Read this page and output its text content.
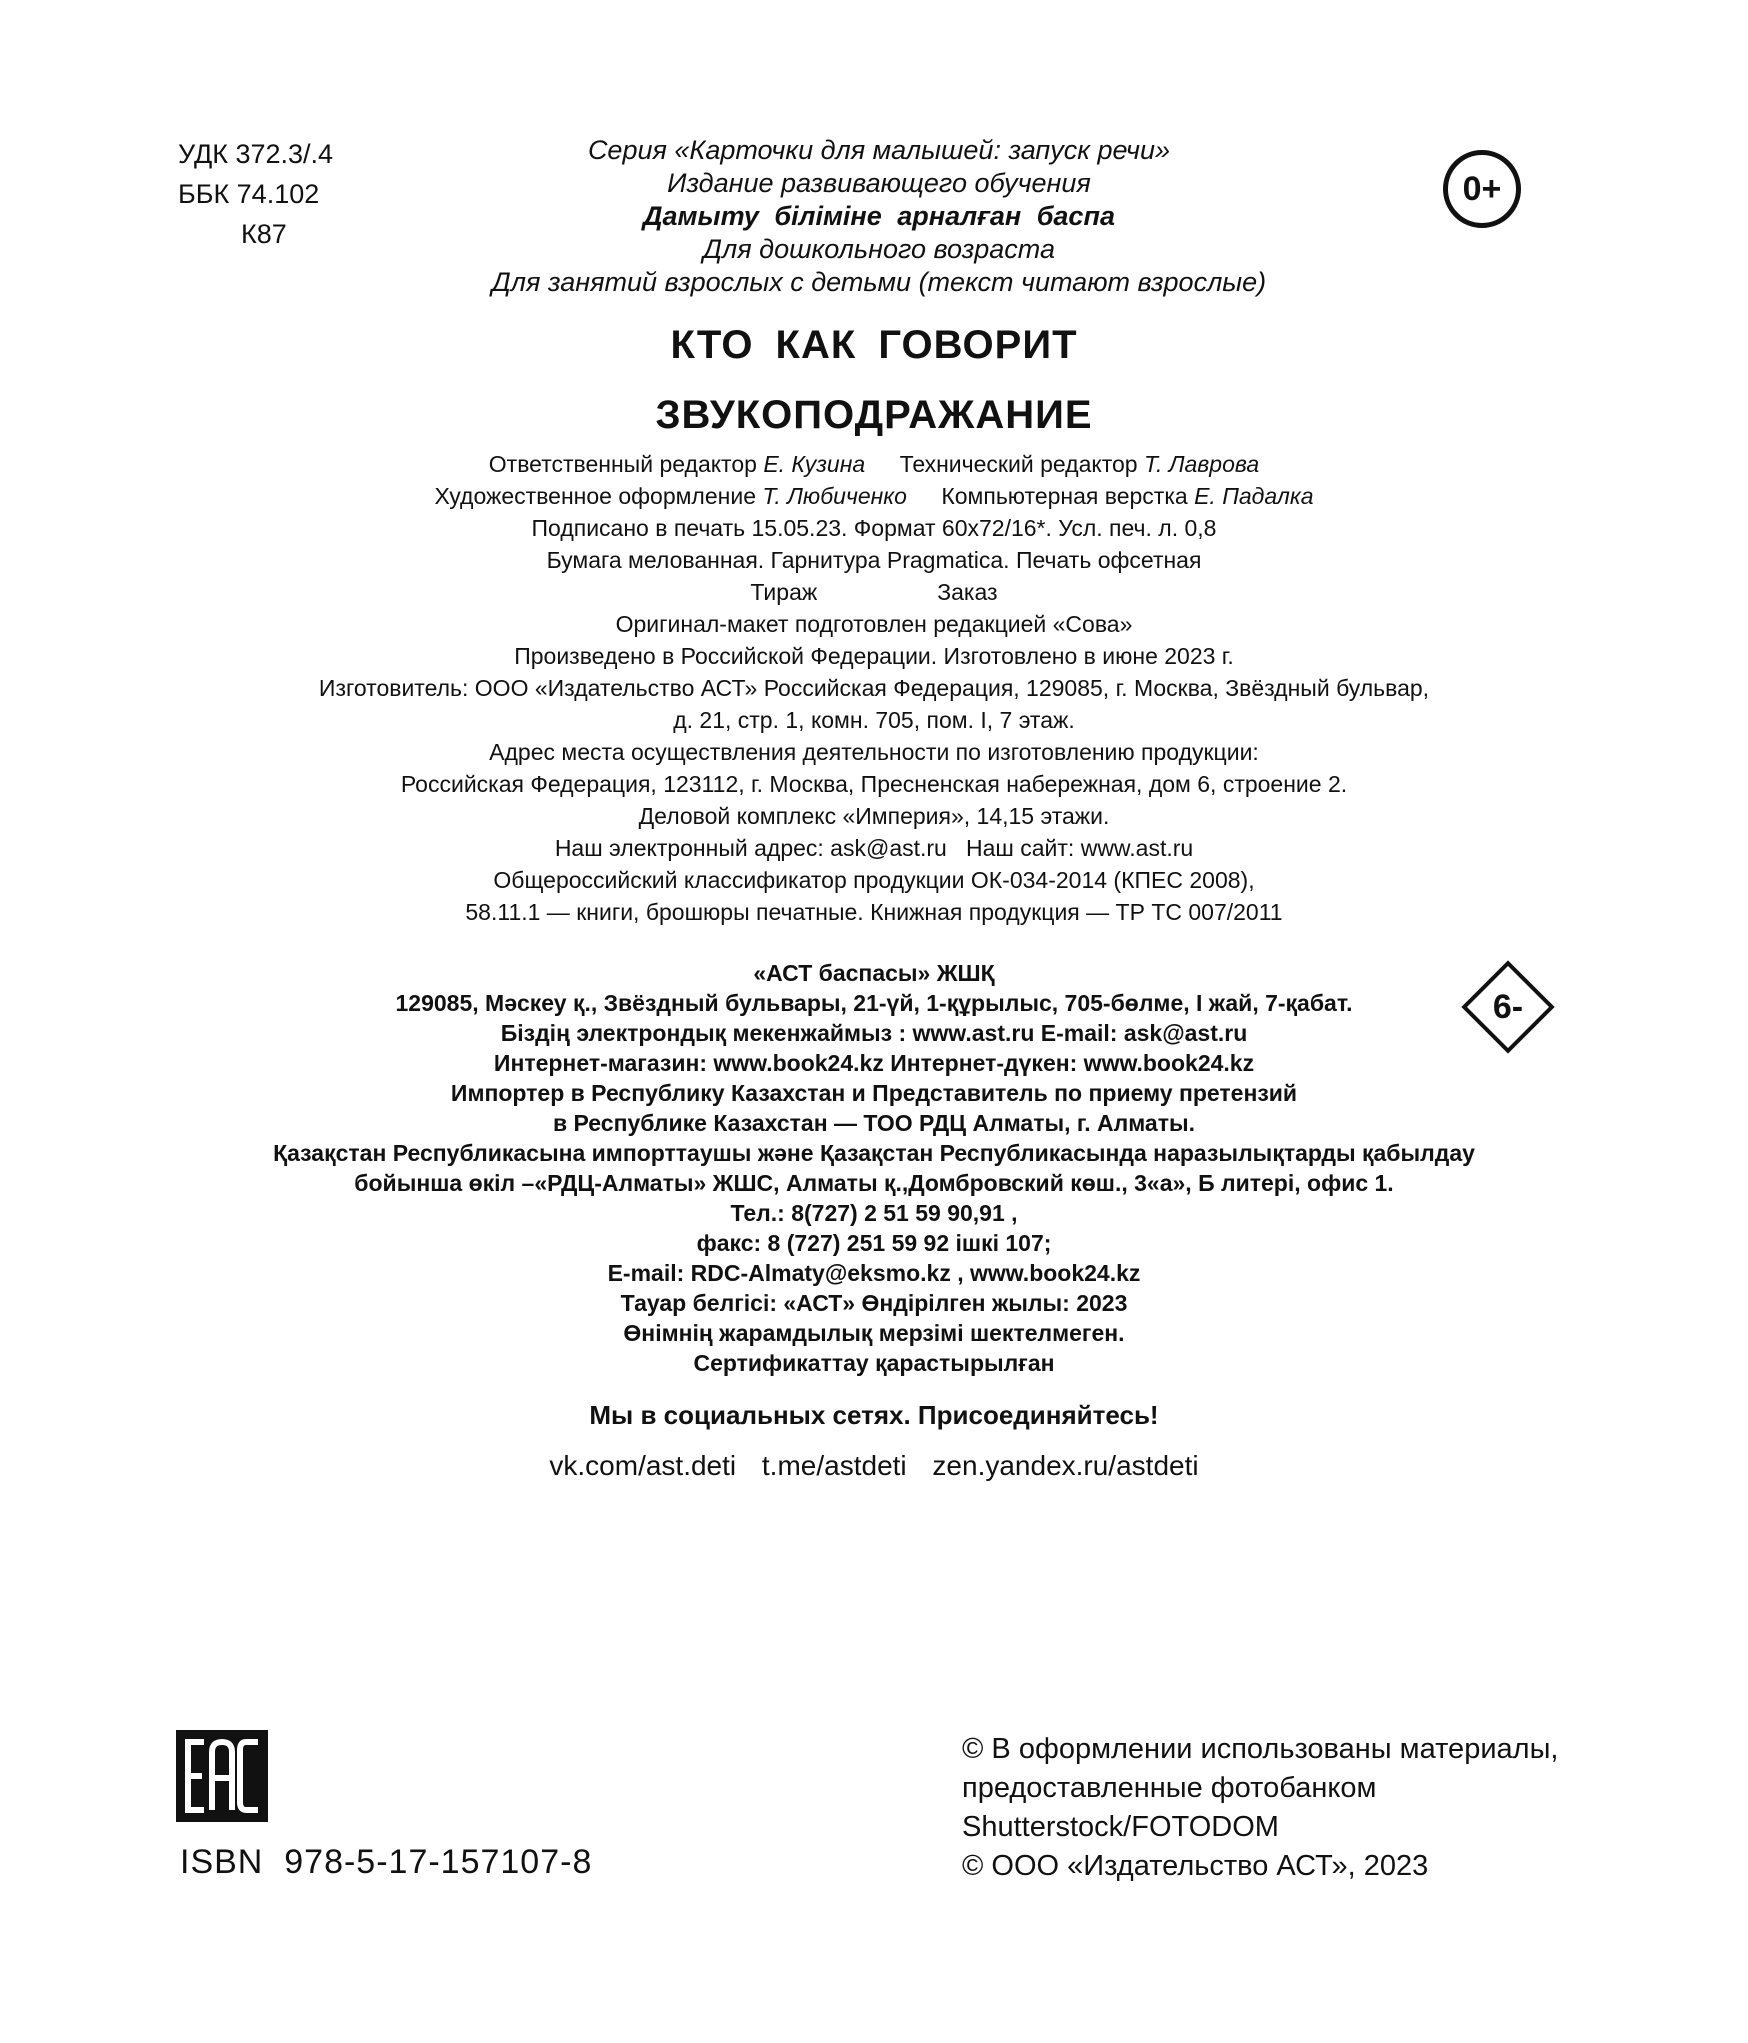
УДК 372.3/.4
ББК 74.102
К87
Серия «Карточки для малышей: запуск речи»
Издание развивающего обучения
Дамыту біліміне арналған баспа
Для дошкольного возраста
Для занятий взрослых с детьми (текст читают взрослые)
0+
КТО КАК ГОВОРИТ
ЗВУКОПОДРАЖАНИЕ
Ответственный редактор Е. Кузина Технический редактор Т. Лаврова
Художественное оформление Т. Любиченко Компьютерная верстка Е. Падалка
Подписано в печать 15.05.23. Формат 60х72/16*. Усл. печ. л. 0,8
Бумага мелованная. Гарнитура Pragmatica. Печать офсетная
Тираж	Заказ
Оригинал-макет подготовлен редакцией «Сова»
Произведено в Российской Федерации. Изготовлено в июне 2023 г.
Изготовитель: ООО «Издательство АСТ» Российская Федерация, 129085, г. Москва, Звёздный бульвар,
д. 21, стр. 1, комн. 705, пом. I, 7 этаж.
Адрес места осуществления деятельности по изготовлению продукции:
Российская Федерация, 123112, г. Москва, Пресненская набережная, дом 6, строение 2.
Деловой комплекс «Империя», 14,15 этажи.
Наш электронный адрес: ask@ast.ru   Наш сайт: www.ast.ru
Общероссийский классификатор продукции ОК-034-2014 (КПЕС 2008),
58.11.1 — книги, брошюры печатные. Книжная продукция — ТР ТС 007/2011
«АСТ баспасы» ЖШҚ
129085, Мәскеу қ., Звёздный бульвары, 21-үй, 1-құрылыс, 705-бөлме, I жай, 7-қабат.
Біздің электрондық мекенжаймыз : www.ast.ru E-mail: ask@ast.ru
Интернет-магазин: www.book24.kz Интернет-дүкен: www.book24.kz
Импортер в Республику Казахстан и Представитель по приему претензий
в Республике Казахстан — ТОО РДЦ Алматы, г. Алматы.
Қазақстан Республикасына импорттаушы және Қазақстан Республикасында наразылықтарды қабылдау
бойынша өкіл –«РДЦ-Алматы» ЖШС, Алматы қ.,Домбровский көш., 3«а», Б литері, офис 1.
Тел.: 8(727) 2 51 59 90,91 ,
факс: 8 (727) 251 59 92 ішкі 107;
E-mail: RDC-Almaty@eksmo.kz , www.book24.kz
Тауар белгісі: «АСТ» Өндірілген жылы: 2023
Өнімнің жарамдылық мерзімі шектелмеген.
Сертификаттау қарастырылған
6-
Мы в социальных сетях. Присоединяйтесь!
vk.com/ast.deti t.me/astdeti zen.yandex.ru/astdeti
ISBN  978-5-17-157107-8
© В оформлении использованы материалы,
предоставленные фотобанком
Shutterstock/FOTODOM
© ООО «Издательство АСТ», 2023
